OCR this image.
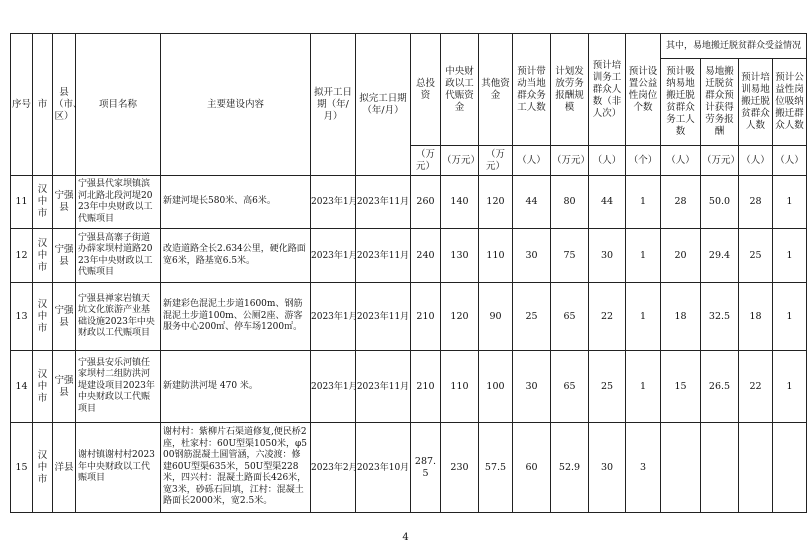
序号	市	县（市、区）	项目名称	主要建设内容	拟开工日期（年/月）	拟完工日期（年/月）	总投资	中央财政以工代赈资金	其他资金	预计带动当地群众务工人数	计划发放劳务报酬规模	预计培训务工群众人数（非人次）	预计设置公益性岗位个数	其中，易地搬迁脱贫群众受益情况			
														预计吸纳易地搬迁脱贫群众务工人数	易地搬迁脱贫群众预计获得劳务报酬	预计培训易地搬迁脱贫群众人数	预计公益性岗位吸纳搬迁群众人数
							（万元）	（万元）	（万元）	（人）	（万元）	（人）	（个）	（人）	（万元）	（人）	（人）
11	汉中市	宁强县	宁强县代家坝镇滨河北路北段河堤2023年中央财政以工代赈项目	新建河堤长580米、高6米。	2023年1月	2023年11月	260	140	120	44	80	44	1	28	50.0	28	1
12	汉中市	宁强县	宁强县高寨子街道办薛家坝村道路2023年中央财政以工代赈项目	改造道路全长2.634公里，硬化路面宽6米，路基宽6.5米。	2023年1月	2023年11月	240	130	110	30	75	30	1	20	29.4	25	1
13	汉中市	宁强县	宁强县禅家岩镇天坑文化旅游产业基础设施2023年中央财政以工代赈项目	新建彩色混泥土步道1600m、钢筋混泥土步道100m、公厕2座、游客服务中心200㎡、停车场1200㎡。	2023年1月	2023年11月	210	120	90	25	65	22	1	18	32.5	18	1
14	汉中市	宁强县	宁强县安乐河镇任家坝村二组防洪河堤建设项目2023年中央财政以工代赈项目	新建防洪河堤 470 米。	2023年1月	2023年11月	210	110	100	30	65	25	1	15	26.5	22	1
15	汉中市	洋县	谢村镇谢村村2023年中央财政以工代赈项目	谢村村：紫柳片石渠道修复,便民桥2座，杜家村：60U型渠1050米，φ500钢筋混凝土圆管涵，六凌渡：修建60U型渠635米，50U型渠228米，四兴村：混凝土路面长426米，宽3米，砂砾石回填，江村：混凝土路面长2000米，宽2.5米。	2023年2月	2023年10月	287.5	230	57.5	60	52.9	30	3				
4
